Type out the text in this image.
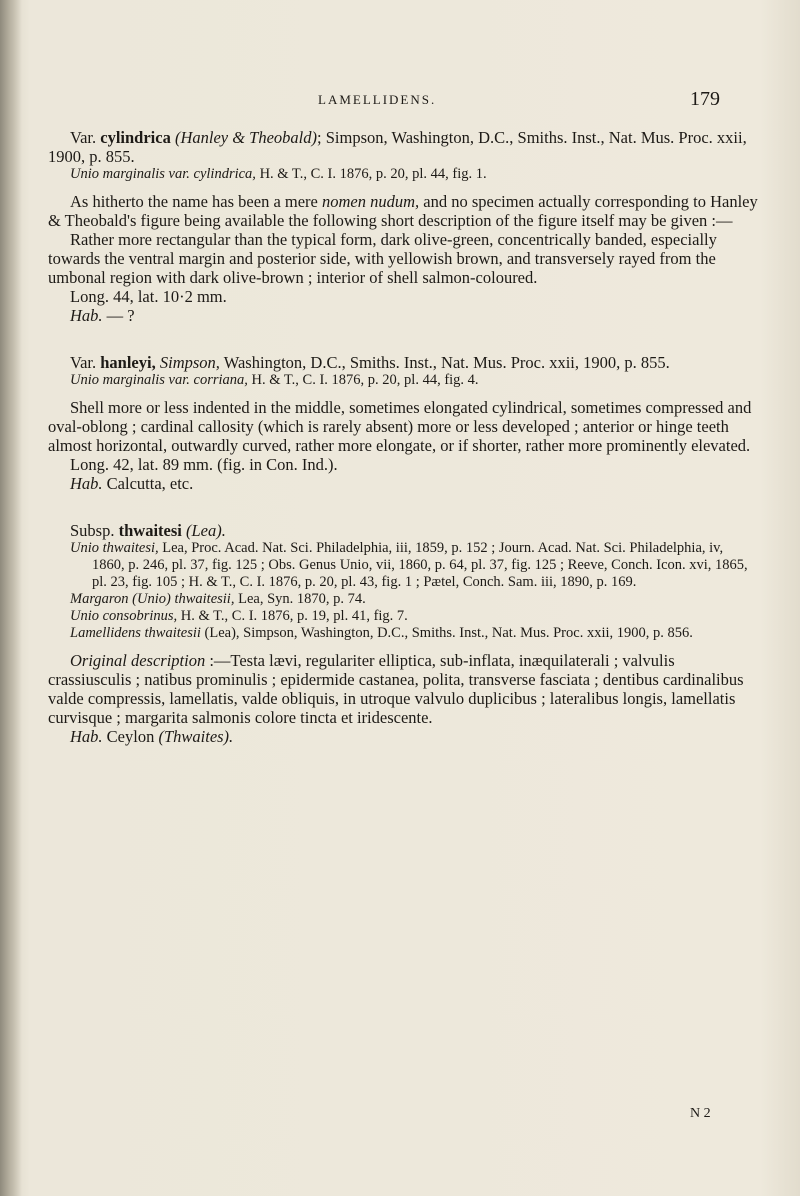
LAMELLIDENS.	179

Var. cylindrica (Hanley & Theobald); Simpson, Washington, D.C., Smiths. Inst., Nat. Mus. Proc. xxii, 1900, p. 855.

Unio marginalis var. cylindrica, H. & T., C. I. 1876, p. 20, pl. 44, fig. 1.

As hitherto the name has been a mere nomen nudum, and no specimen actually corresponding to Hanley & Theobald's figure being available the following short description of the figure itself may be given :—

Rather more rectangular than the typical form, dark olive-green, concentrically banded, especially towards the ventral margin and posterior side, with yellowish brown, and transversely rayed from the umbonal region with dark olive-brown ; interior of shell salmon-coloured.

Long. 44, lat. 10·2 mm.

Hab. — ?

Var. hanleyi, Simpson, Washington, D.C., Smiths. Inst., Nat. Mus. Proc. xxii, 1900, p. 855.

Unio marginalis var. corriana, H. & T., C. I. 1876, p. 20, pl. 44, fig. 4.

Shell more or less indented in the middle, sometimes elongated cylindrical, sometimes compressed and oval-oblong ; cardinal callosity (which is rarely absent) more or less developed ; anterior or hinge teeth almost horizontal, outwardly curved, rather more elongate, or if shorter, rather more prominently elevated.

Long. 42, lat. 89 mm. (fig. in Con. Ind.).

Hab. Calcutta, etc.

Subsp. thwaitesi (Lea).

Unio thwaitesi, Lea, Proc. Acad. Nat. Sci. Philadelphia, iii, 1859, p. 152 ; Journ. Acad. Nat. Sci. Philadelphia, iv, 1860, p. 246, pl. 37, fig. 125 ; Obs. Genus Unio, vii, 1860, p. 64, pl. 37, fig. 125 ; Reeve, Conch. Icon. xvi, 1865, pl. 23, fig. 105 ; H. & T., C. I. 1876, p. 20, pl. 43, fig. 1 ; Pætel, Conch. Sam. iii, 1890, p. 169.

Margaron (Unio) thwaitesii, Lea, Syn. 1870, p. 74.

Unio consobrinus, H. & T., C. I. 1876, p. 19, pl. 41, fig. 7.

Lamellidens thwaitesii (Lea), Simpson, Washington, D.C., Smiths. Inst., Nat. Mus. Proc. xxii, 1900, p. 856.

Original description :—Testa lævi, regulariter elliptica, sub-inflata, inæquilaterali ; valvulis crassiusculis ; natibus prominulis ; epidermide castanea, polita, transverse fasciata ; dentibus cardinalibus valde compressis, lamellatis, valde obliquis, in utroque valvulo duplicibus ; lateralibus longis, lamellatis curvisque ; margarita salmonis colore tincta et iridescente.

Hab. Ceylon (Thwaites).

N 2
